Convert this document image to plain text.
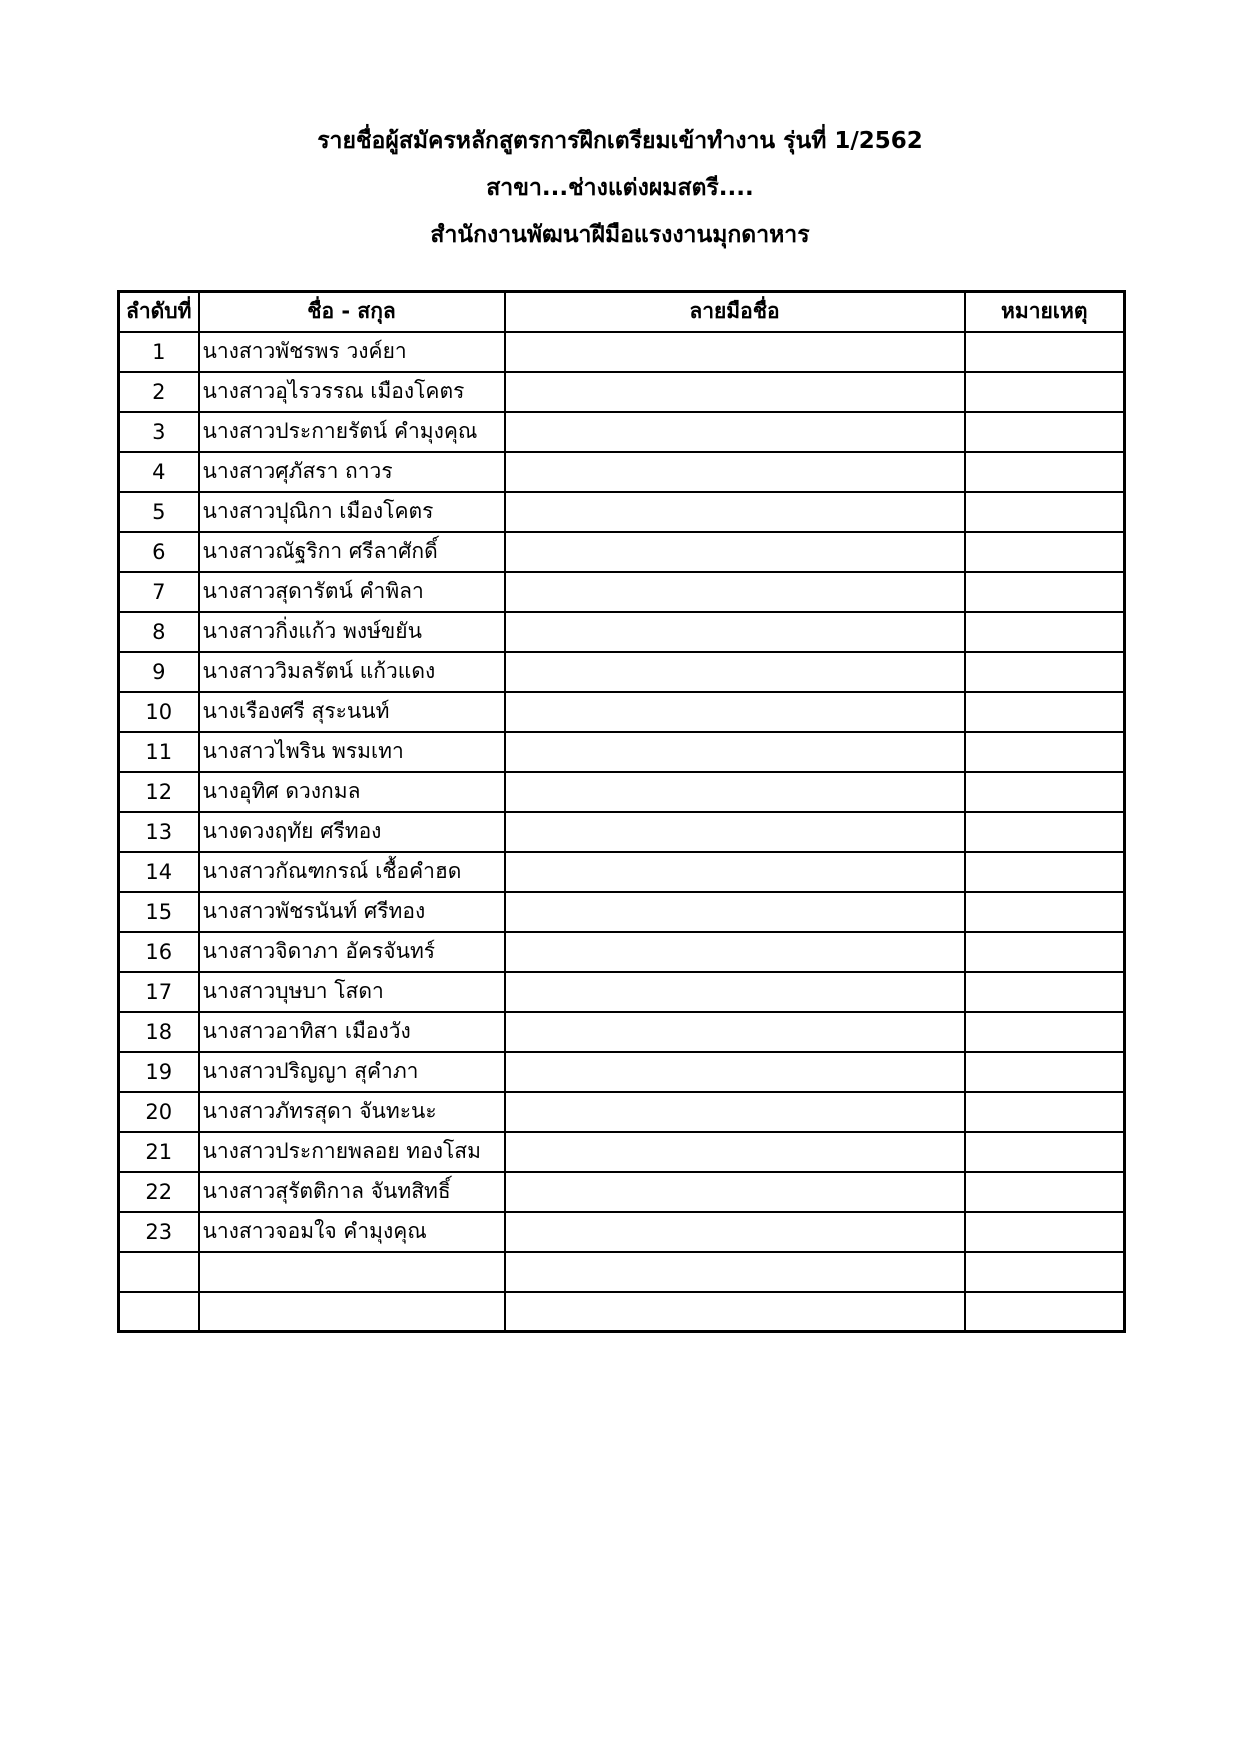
รายชื่อผู้สมัครหลักสูตรการฝึกเตรียมเข้าทำงาน รุ่นที่ 1/2562
สาขา...ช่างแต่งผมสตรี....
สำนักงานพัฒนาฝีมือแรงงานมุกดาหาร
ลำดับที่	ชื่อ - สกุล	ลายมือชื่อ	หมายเหตุ
1	นางสาวพัชรพร วงค์ยา		
2	นางสาวอุไรวรรณ เมืองโคตร		
3	นางสาวประกายรัตน์ คำมุงคุณ		
4	นางสาวศุภัสรา ถาวร		
5	นางสาวปุณิกา เมืองโคตร		
6	นางสาวณัฐริกา ศรีลาศักดิ์		
7	นางสาวสุดารัตน์ คำพิลา		
8	นางสาวกิ่งแก้ว พงษ์ขยัน		
9	นางสาววิมลรัตน์ แก้วแดง		
10	นางเรืองศรี สุระนนท์		
11	นางสาวไพริน พรมเทา		
12	นางอุทิศ ดวงกมล		
13	นางดวงฤทัย ศรีทอง		
14	นางสาวกัณฑกรณ์ เชื้อคำฮด		
15	นางสาวพัชรนันท์ ศรีทอง		
16	นางสาวจิดาภา อัครจันทร์		
17	นางสาวบุษบา โสดา		
18	นางสาวอาทิสา เมืองวัง		
19	นางสาวปริญญา สุคำภา		
20	นางสาวภัทรสุดา จันทะนะ		
21	นางสาวประกายพลอย ทองโสม		
22	นางสาวสุรัตติกาล จันทสิทธิ์		
23	นางสาวจอมใจ คำมุงคุณ		
